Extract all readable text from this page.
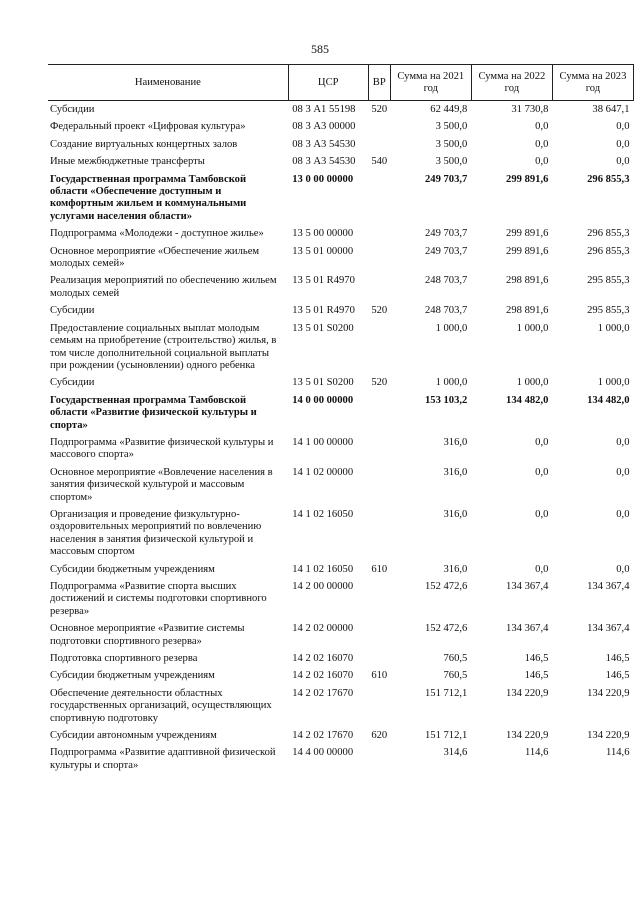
585
Наименование	ЦСР	ВР	Сумма на 2021 год	Сумма на 2022 год	Сумма на 2023 год
Субсидии	08 3 А1 55198	520	62 449,8	31 730,8	38 647,1
Федеральный проект «Цифровая культура»	08 3 А3 00000		3 500,0	0,0	0,0
Создание виртуальных концертных залов	08 3 А3 54530		3 500,0	0,0	0,0
Иные межбюджетные трансферты	08 3 А3 54530	540	3 500,0	0,0	0,0
Государственная программа Тамбовской области «Обеспечение доступным и комфортным жильем и коммунальными услугами населения области»	13 0 00 00000		249 703,7	299 891,6	296 855,3
Подпрограмма «Молодежи - доступное жилье»	13 5 00 00000		249 703,7	299 891,6	296 855,3
Основное мероприятие «Обеспечение жильем молодых семей»	13 5 01 00000		249 703,7	299 891,6	296 855,3
Реализация мероприятий по обеспечению жильем молодых семей	13 5 01 R4970		248 703,7	298 891,6	295 855,3
Субсидии	13 5 01 R4970	520	248 703,7	298 891,6	295 855,3
Предоставление социальных выплат молодым семьям на приобретение (строительство) жилья, в том числе дополнительной социальной выплаты при рождении (усыновлении) одного ребенка	13 5 01 S0200		1 000,0	1 000,0	1 000,0
Субсидии	13 5 01 S0200	520	1 000,0	1 000,0	1 000,0
Государственная программа Тамбовской области «Развитие физической культуры и спорта»	14 0 00 00000		153 103,2	134 482,0	134 482,0
Подпрограмма «Развитие физической культуры и массового спорта»	14 1 00 00000		316,0	0,0	0,0
Основное мероприятие «Вовлечение населения в занятия физической культурой и массовым спортом»	14 1 02 00000		316,0	0,0	0,0
Организация и проведение физкультурно-оздоровительных мероприятий по вовлечению населения в занятия физической культурой и массовым спортом	14 1 02 16050		316,0	0,0	0,0
Субсидии бюджетным учреждениям	14 1 02 16050	610	316,0	0,0	0,0
Подпрограмма «Развитие спорта высших достижений и системы подготовки спортивного резерва»	14 2 00 00000		152 472,6	134 367,4	134 367,4
Основное мероприятие «Развитие системы подготовки спортивного резерва»	14 2 02 00000		152 472,6	134 367,4	134 367,4
Подготовка спортивного резерва	14 2 02 16070		760,5	146,5	146,5
Субсидии бюджетным учреждениям	14 2 02 16070	610	760,5	146,5	146,5
Обеспечение деятельности областных государственных организаций, осуществляющих спортивную подготовку	14 2 02 17670		151 712,1	134 220,9	134 220,9
Субсидии автономным учреждениям	14 2 02 17670	620	151 712,1	134 220,9	134 220,9
Подпрограмма «Развитие адаптивной физической культуры и спорта»	14 4 00 00000		314,6	114,6	114,6
